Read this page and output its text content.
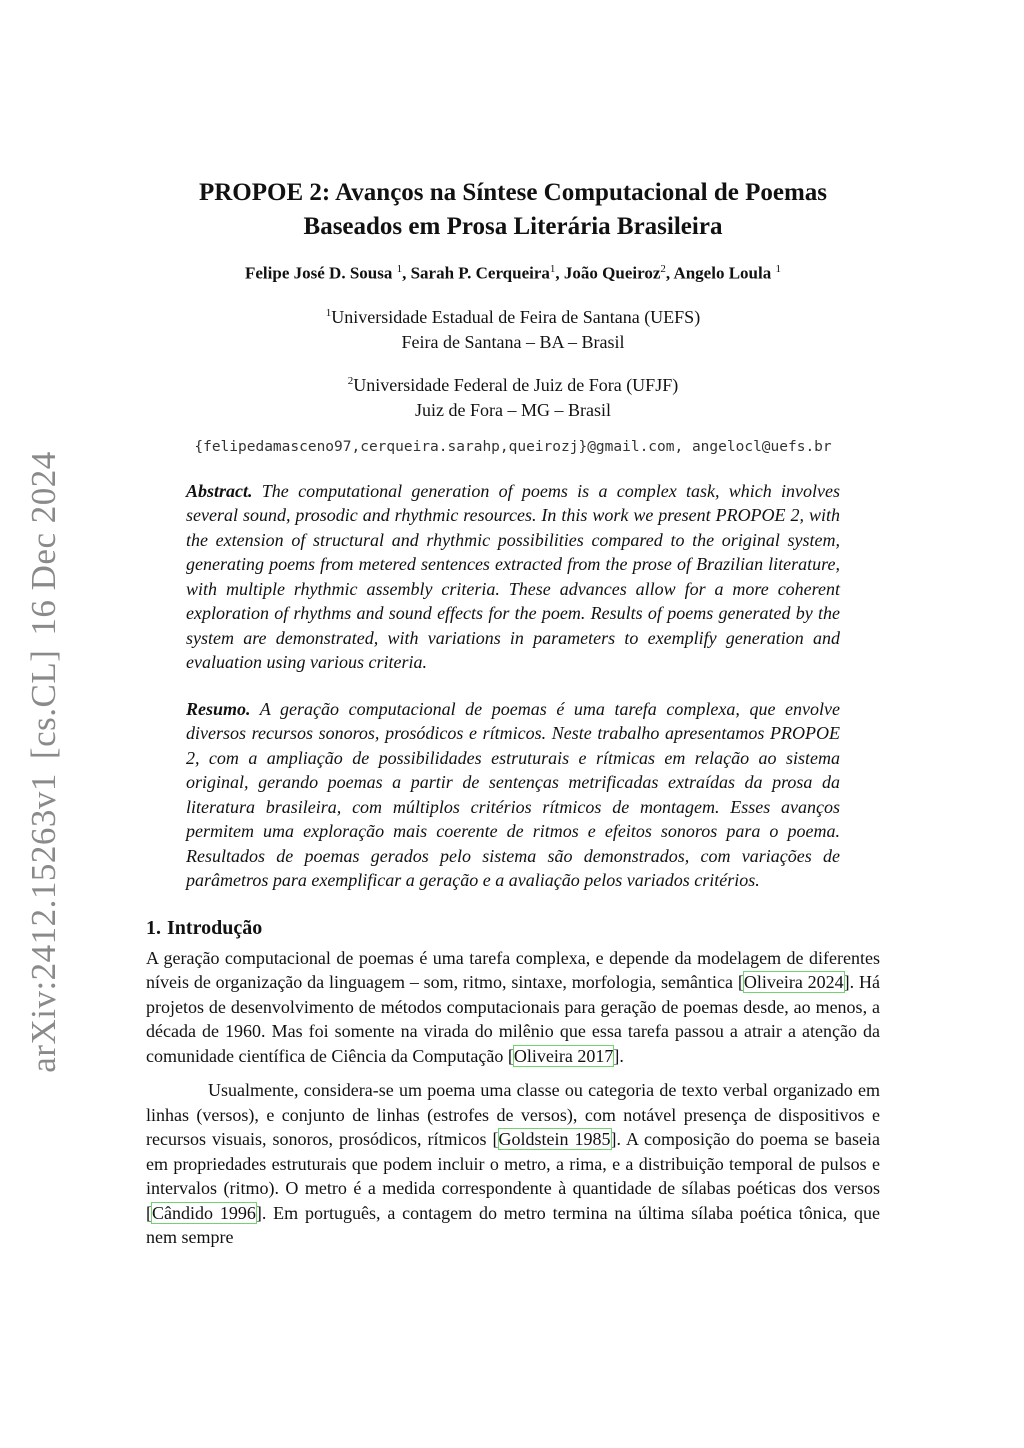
arXiv:2412.15263v1[cs.CL]16 Dec 2024
PROPOE 2: Avanços na Síntese Computacional de Poemas
Baseados em Prosa Literária Brasileira
Felipe José D. Sousa $^1$, Sarah P. Cerqueira$^1$, João Queiroz$^2$, Angelo Loula $^1$
$^1$Universidade Estadual de Feira de Santana (UEFS)
Feira de Santana – BA – Brasil
$^2$Universidade Federal de Juiz de Fora (UFJF)
Juiz de Fora – MG – Brasil
{felipedamasceno97,cerqueira.sarahp,queirozj}@gmail.com, angelocl@uefs.br
Abstract. The computational generation of poems is a complex task, which involves several sound, prosodic and rhythmic resources. In this work we present PROPOE 2, with the extension of structural and rhythmic possibilities compared to the original system, generating poems from metered sentences extracted from the prose of Brazilian literature, with multiple rhythmic assembly criteria. These advances allow for a more coherent exploration of rhythms and sound effects for the poem. Results of poems generated by the system are demonstrated, with variations in parameters to exemplify generation and evaluation using various criteria.
Resumo. A geração computacional de poemas é uma tarefa complexa, que envolve diversos recursos sonoros, prosódicos e rítmicos. Neste trabalho apresentamos PROPOE 2, com a ampliação de possibilidades estruturais e rítmicas em relação ao sistema original, gerando poemas a partir de sentenças metrificadas extraídas da prosa da literatura brasileira, com múltiplos critérios rítmicos de montagem. Esses avanços permitem uma exploração mais coerente de ritmos e efeitos sonoros para o poema. Resultados de poemas gerados pelo sistema são demonstrados, com variações de parâmetros para exemplificar a geração e a avaliação pelos variados critérios.
1. Introdução

A geração computacional de poemas é uma tarefa complexa, e depende da modelagem de diferentes níveis de organização da linguagem – som, ritmo, sintaxe, morfologia, semântica [Oliveira 2024]. Há projetos de desenvolvimento de métodos computacionais para geração de poemas desde, ao menos, a década de 1960. Mas foi somente na virada do milênio que essa tarefa passou a atrair a atenção da comunidade científica de Ciência da Computação [Oliveira 2017].

Usualmente, considera-se um poema uma classe ou categoria de texto verbal organizado em linhas (versos), e conjunto de linhas (estrofes de versos), com notável presença de dispositivos e recursos visuais, sonoros, prosódicos, rítmicos [Goldstein 1985]. A composição do poema se baseia em propriedades estruturais que podem incluir o metro, a rima, e a distribuição temporal de pulsos e intervalos (ritmo). O metro é a medida correspondente à quantidade de sílabas poéticas dos versos [Cândido 1996]. Em português, a contagem do metro termina na última sílaba poética tônica, que nem sempre
